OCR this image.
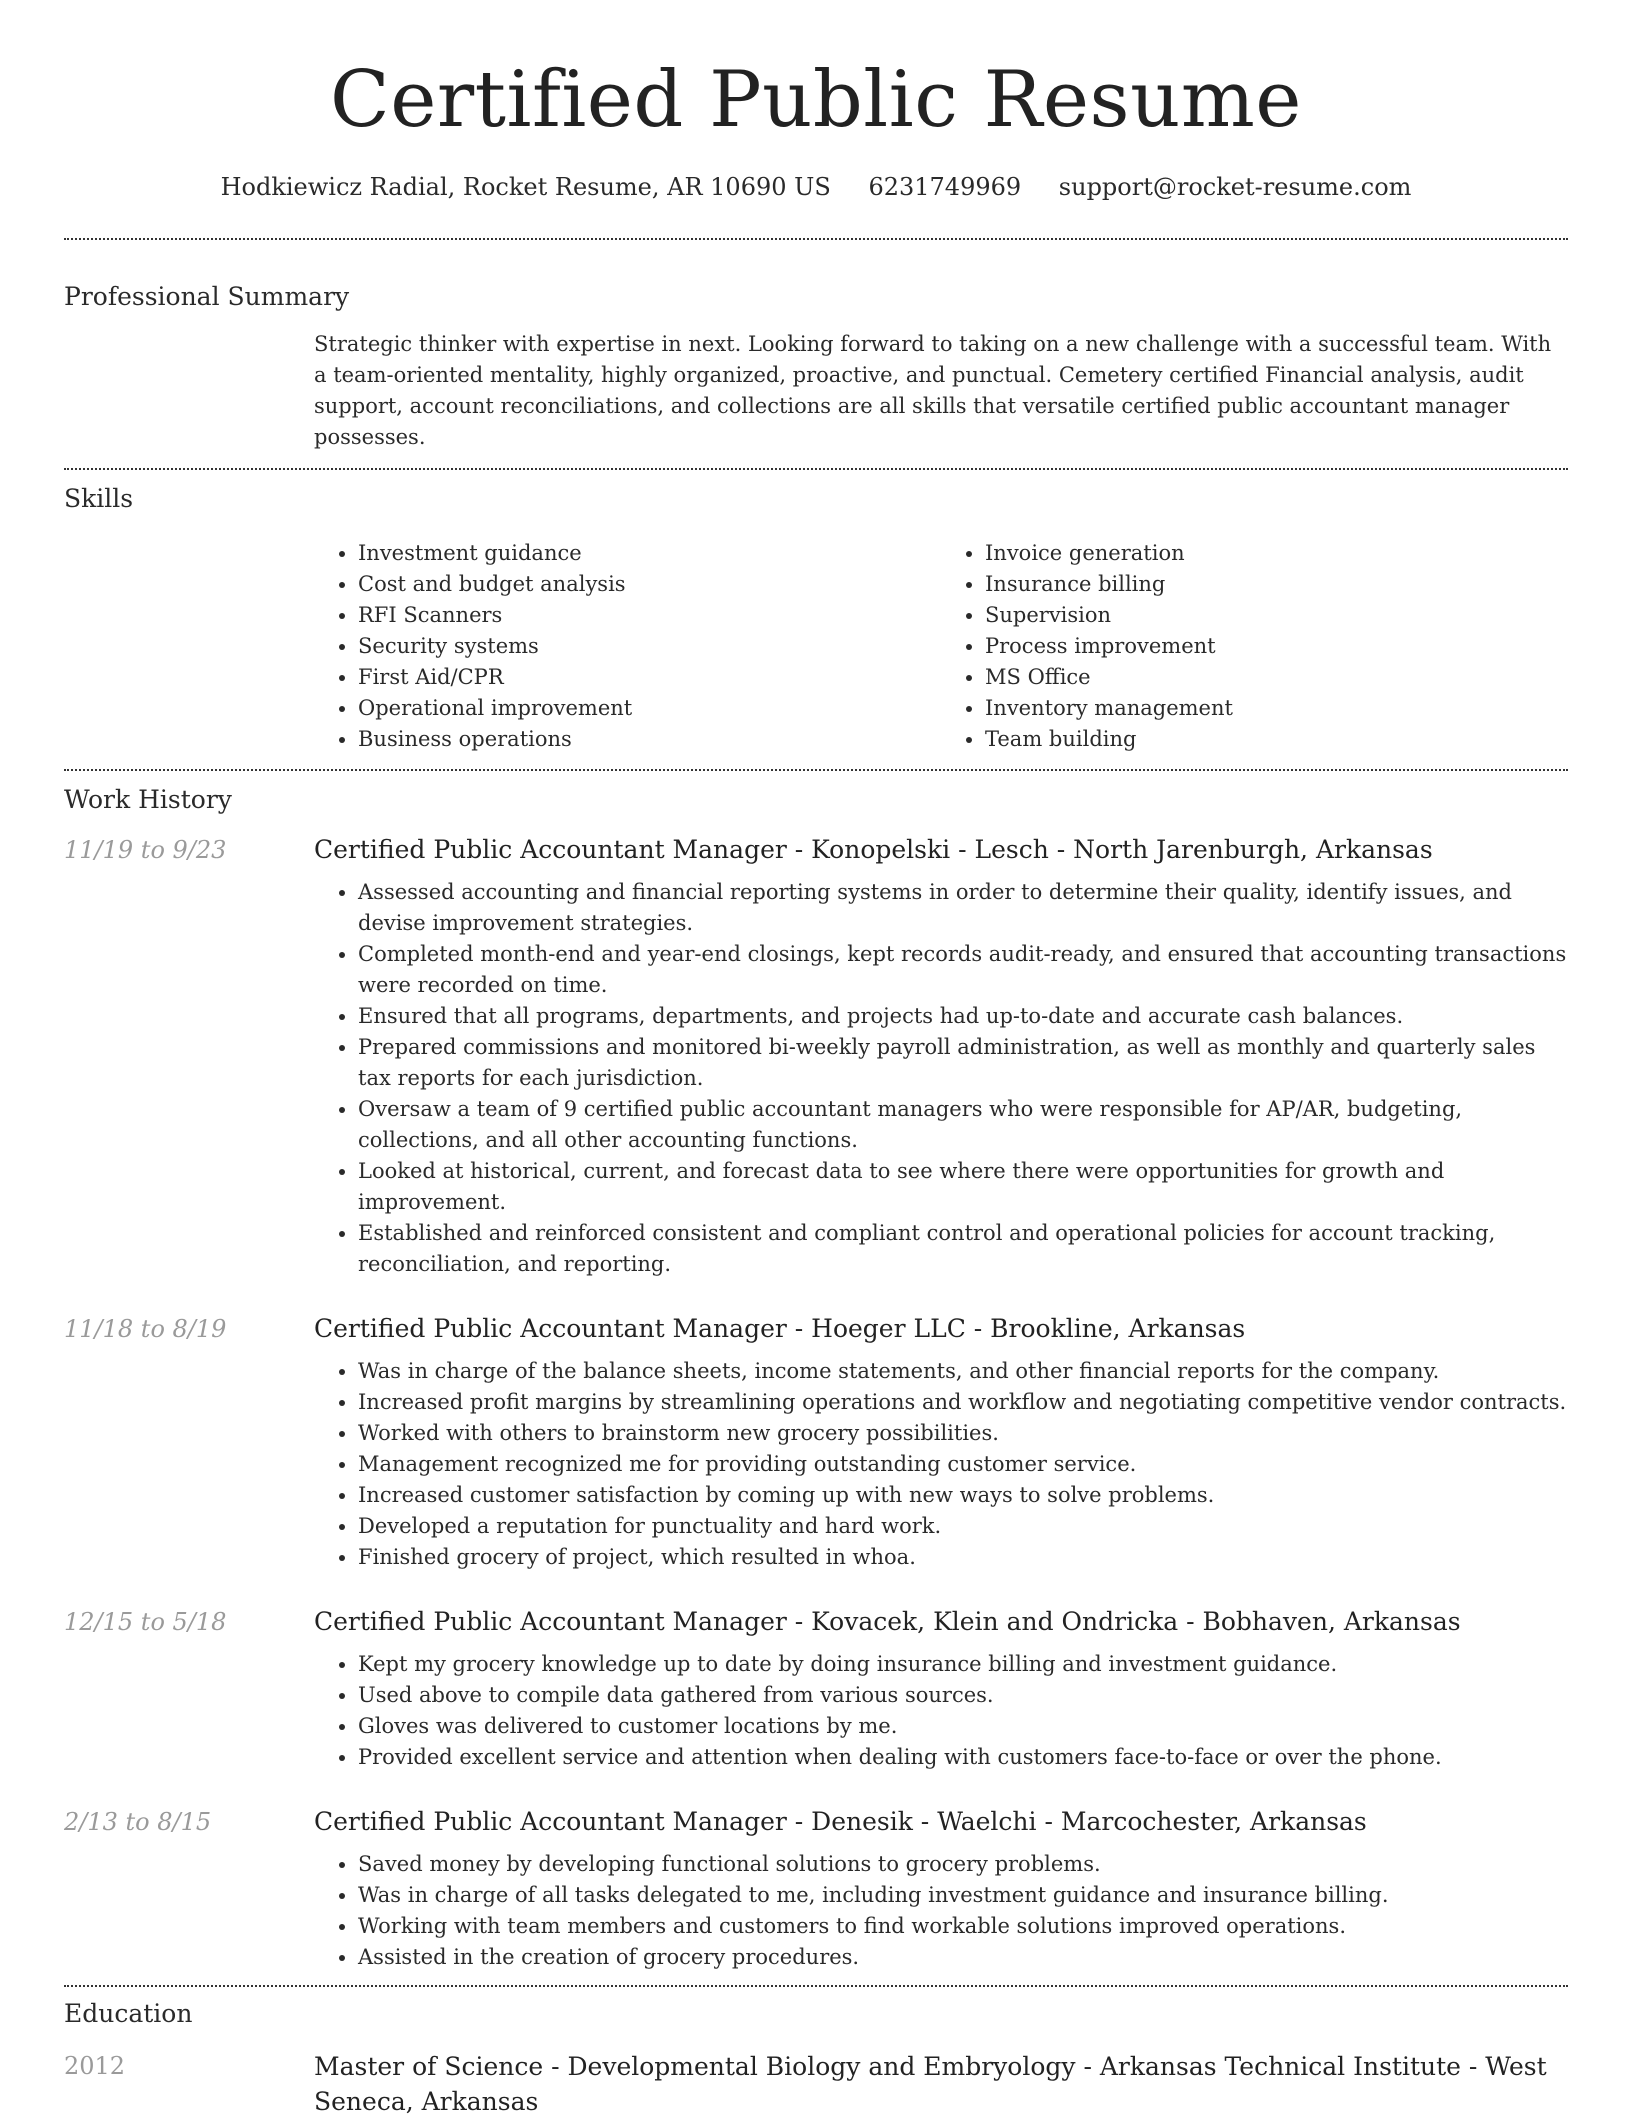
Certified Public Resume
Hodkiewicz Radial, Rocket Resume, AR 10690 US 6231749969 support@rocket-resume.com
Professional Summary
Strategic thinker with expertise in next. Looking forward to taking on a new challenge with a successful team. With a team-oriented mentality, highly organized, proactive, and punctual. Cemetery certified Financial analysis, audit support, account reconciliations, and collections are all skills that versatile certified public accountant manager possesses.
Skills
• Investment guidance
• Cost and budget analysis
• RFI Scanners
• Security systems
• First Aid/CPR
• Operational improvement
• Business operations
• Invoice generation
• Insurance billing
• Supervision
• Process improvement
• MS Office
• Inventory management
• Team building
Work History
11/19 to 9/23	Certified Public Accountant Manager - Konopelski - Lesch - North Jarenburgh, Arkansas
• Assessed accounting and financial reporting systems in order to determine their quality, identify issues, and devise improvement strategies.
• Completed month-end and year-end closings, kept records audit-ready, and ensured that accounting transactions were recorded on time.
• Ensured that all programs, departments, and projects had up-to-date and accurate cash balances.
• Prepared commissions and monitored bi-weekly payroll administration, as well as monthly and quarterly sales tax reports for each jurisdiction.
• Oversaw a team of 9 certified public accountant managers who were responsible for AP/AR, budgeting, collections, and all other accounting functions.
• Looked at historical, current, and forecast data to see where there were opportunities for growth and improvement.
• Established and reinforced consistent and compliant control and operational policies for account tracking, reconciliation, and reporting.
11/18 to 8/19	Certified Public Accountant Manager - Hoeger LLC - Brookline, Arkansas
• Was in charge of the balance sheets, income statements, and other financial reports for the company.
• Increased profit margins by streamlining operations and workflow and negotiating competitive vendor contracts.
• Worked with others to brainstorm new grocery possibilities.
• Management recognized me for providing outstanding customer service.
• Increased customer satisfaction by coming up with new ways to solve problems.
• Developed a reputation for punctuality and hard work.
• Finished grocery of project, which resulted in whoa.
12/15 to 5/18	Certified Public Accountant Manager - Kovacek, Klein and Ondricka - Bobhaven, Arkansas
• Kept my grocery knowledge up to date by doing insurance billing and investment guidance.
• Used above to compile data gathered from various sources.
• Gloves was delivered to customer locations by me.
• Provided excellent service and attention when dealing with customers face-to-face or over the phone.
2/13 to 8/15	Certified Public Accountant Manager - Denesik - Waelchi - Marcochester, Arkansas
• Saved money by developing functional solutions to grocery problems.
• Was in charge of all tasks delegated to me, including investment guidance and insurance billing.
• Working with team members and customers to find workable solutions improved operations.
• Assisted in the creation of grocery procedures.
Education
2012	Master of Science - Developmental Biology and Embryology - Arkansas Technical Institute - West Seneca, Arkansas
